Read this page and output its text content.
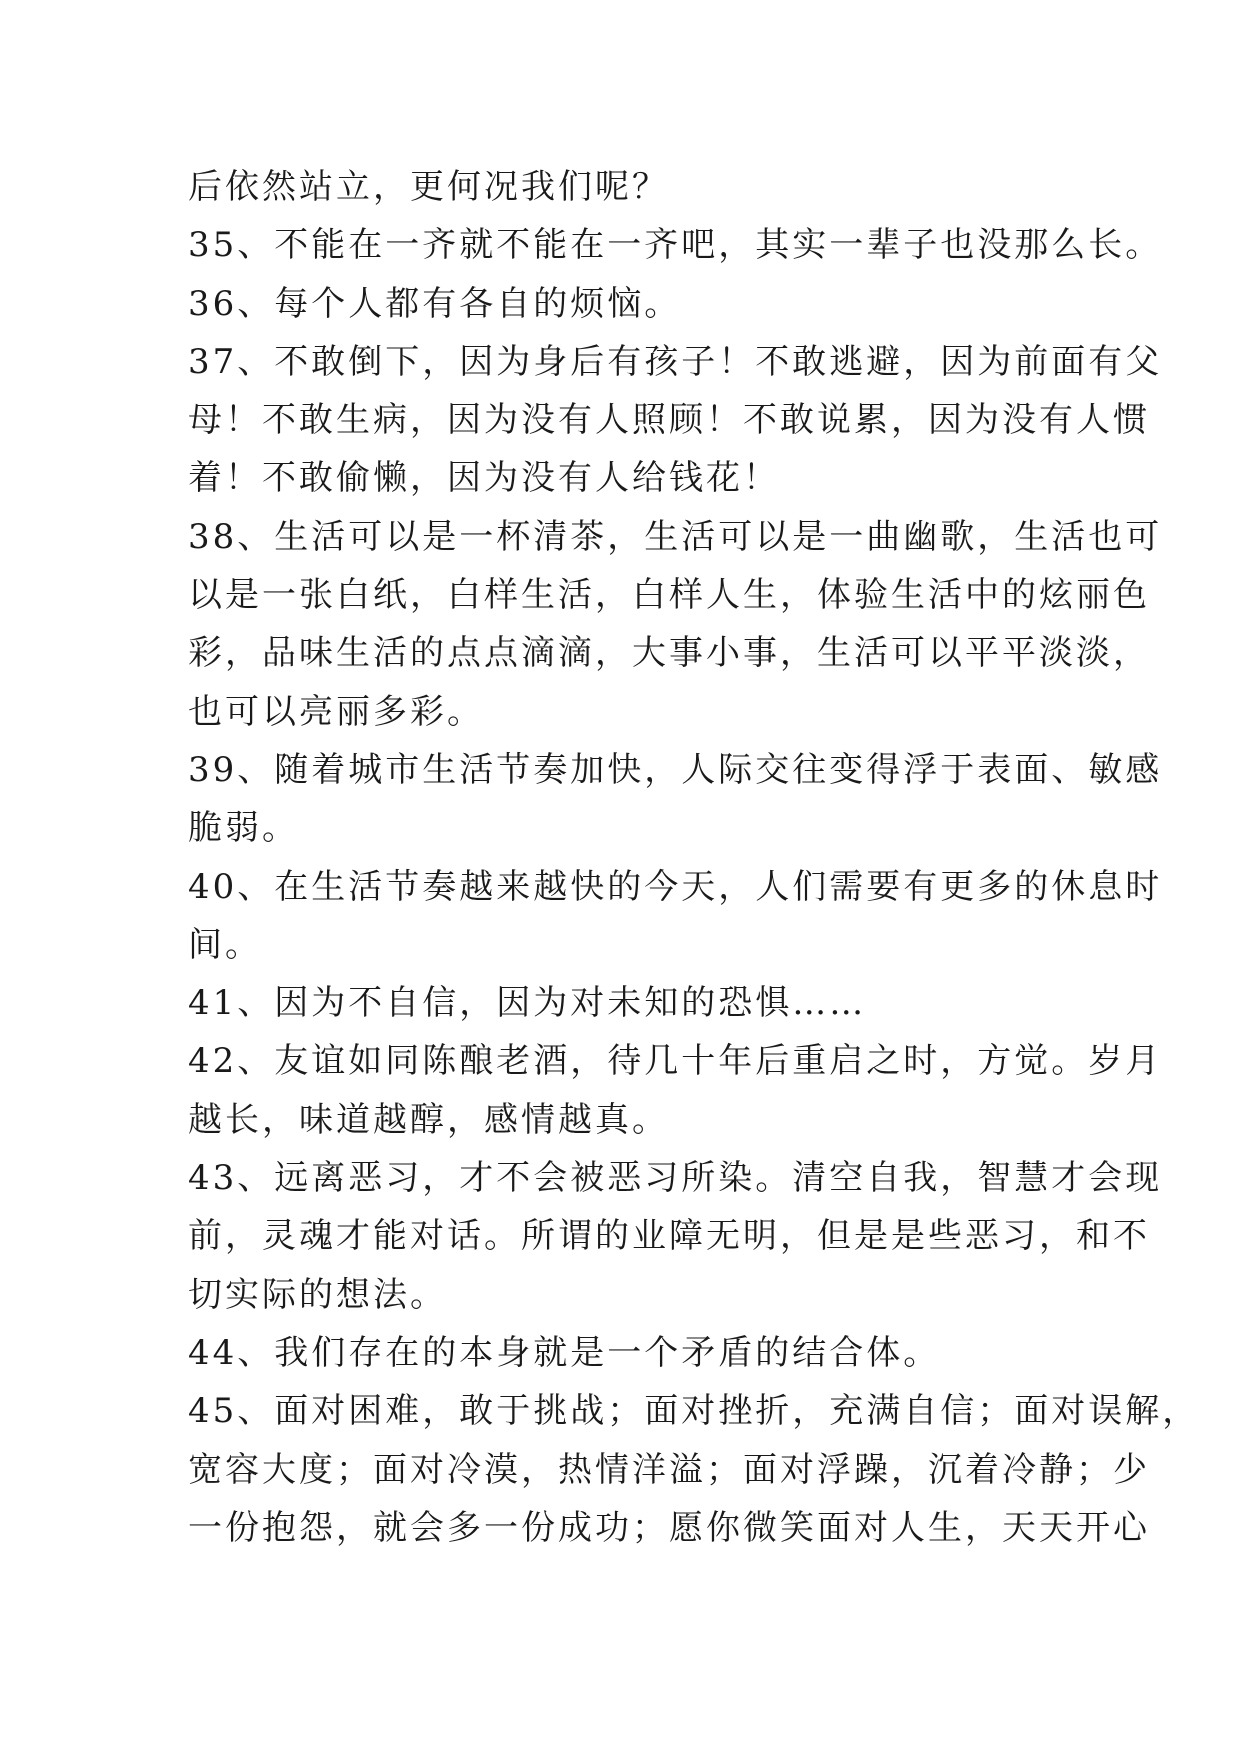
后依然站立，更何况我们呢？
35、不能在一齐就不能在一齐吧，其实一辈子也没那么长。
36、每个人都有各自的烦恼。
37、不敢倒下，因为身后有孩子！不敢逃避，因为前面有父
母！不敢生病，因为没有人照顾！不敢说累，因为没有人惯
着！不敢偷懒，因为没有人给钱花！
38、生活可以是一杯清茶，生活可以是一曲幽歌，生活也可
以是一张白纸，白样生活，白样人生，体验生活中的炫丽色
彩，品味生活的点点滴滴，大事小事，生活可以平平淡淡，
也可以亮丽多彩。
39、随着城市生活节奏加快，人际交往变得浮于表面、敏感
脆弱。
40、在生活节奏越来越快的今天，人们需要有更多的休息时
间。
41、因为不自信，因为对未知的恐惧……
42、友谊如同陈酿老酒，待几十年后重启之时，方觉。岁月
越长，味道越醇，感情越真。
43、远离恶习，才不会被恶习所染。清空自我，智慧才会现
前，灵魂才能对话。所谓的业障无明，但是是些恶习，和不
切实际的想法。
44、我们存在的本身就是一个矛盾的结合体。
45、面对困难，敢于挑战；面对挫折，充满自信；面对误解，
宽容大度；面对冷漠，热情洋溢；面对浮躁，沉着冷静；少
一份抱怨，就会多一份成功；愿你微笑面对人生，天天开心
